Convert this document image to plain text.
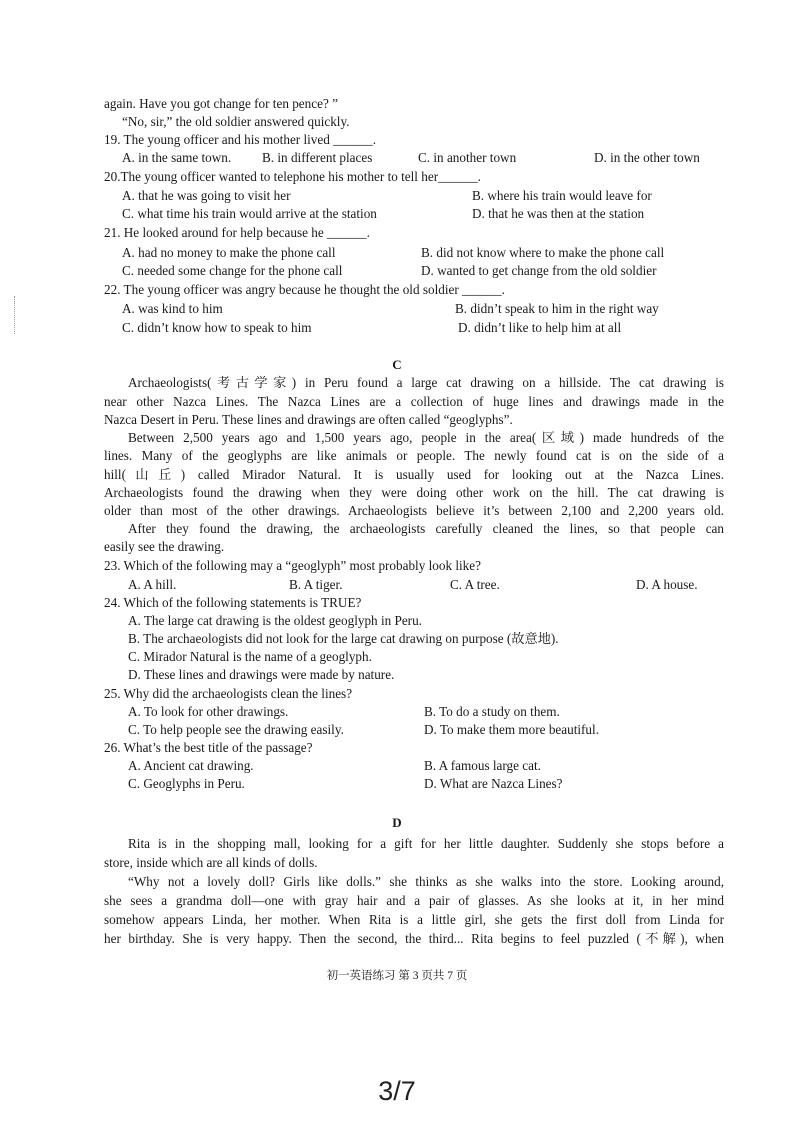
again. Have you got change for ten pence? ”
“No, sir,” the old soldier answered quickly.
19. The young officer and his mother lived ______.
A. in the same town. B. in different places	C. in another town	D. in the other town
20.The young officer wanted to telephone his mother to tell her______.
A. that he was going to visit her	B. where his train would leave for
C. what time his train would arrive at the station	D. that he was then at the station
21. He looked around for help because he ______.
A. had no money to make the phone call	B. did not know where to make the phone call
C. needed some change for the phone call	D. wanted to get change from the old soldier
22. The young officer was angry because he thought the old soldier ______.
A. was kind to him	B. didn’t speak to him in the right way
C. didn’t know how to speak to him	D. didn’t like to help him at all
C
Archaeologists(考古学家) in Peru found a large cat drawing on a hillside. The cat drawing is
near other Nazca Lines. The Nazca Lines are a collection of huge lines and drawings made in the
Nazca Desert in Peru. These lines and drawings are often called “geoglyphs”.
Between 2,500 years ago and 1,500 years ago, people in the area(区域) made hundreds of the
lines. Many of the geoglyphs are like animals or people. The newly found cat is on the side of a
hill(山丘) called Mirador Natural. It is usually used for looking out at the Nazca Lines.
Archaeologists found the drawing when they were doing other work on the hill. The cat drawing is
older than most of the other drawings. Archaeologists believe it’s between 2,100 and 2,200 years old.
After they found the drawing, the archaeologists carefully cleaned the lines, so that people can
easily see the drawing.
23. Which of the following may a “geoglyph” most probably look like?
A. A hill.	B. A tiger.	C. A tree.	D. A house.
24. Which of the following statements is TRUE?
A. The large cat drawing is the oldest geoglyph in Peru.
B. The archaeologists did not look for the large cat drawing on purpose (故意地).
C. Mirador Natural is the name of a geoglyph.
D. These lines and drawings were made by nature.
25. Why did the archaeologists clean the lines?
A. To look for other drawings.	B. To do a study on them.
C. To help people see the drawing easily.	D. To make them more beautiful.
26. What’s the best title of the passage?
A. Ancient cat drawing.	B. A famous large cat.
C. Geoglyphs in Peru.	D. What are Nazca Lines?
D
Rita is in the shopping mall, looking for a gift for her little daughter. Suddenly she stops before a
store, inside which are all kinds of dolls.
“Why not a lovely doll? Girls like dolls.” she thinks as she walks into the store. Looking around,
she sees a grandma doll—one with gray hair and a pair of glasses. As she looks at it, in her mind
somehow appears Linda, her mother. When Rita is a little girl, she gets the first doll from Linda for
her birthday. She is very happy. Then the second, the third... Rita begins to feel puzzled (不解), when
初一英语练习 第 3 页共 7 页
3/7
